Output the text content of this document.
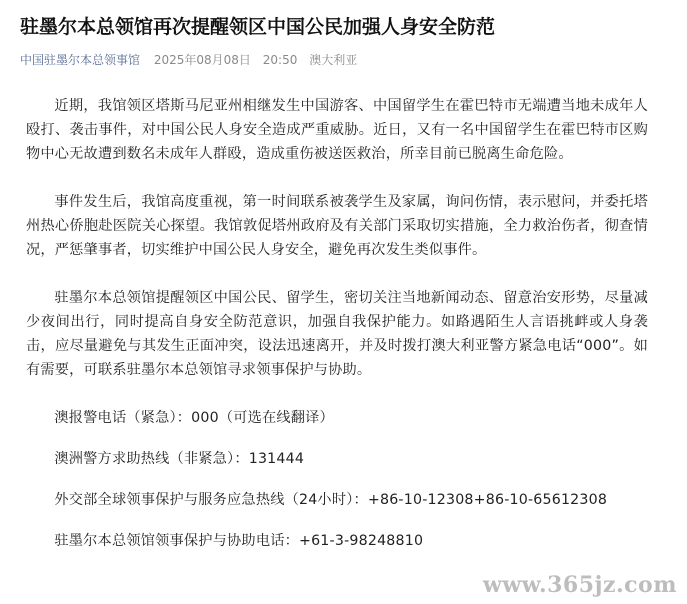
驻墨尔本总领馆再次提醒领区中国公民加强人身安全防范
中国驻墨尔本总领事馆 2025年08月08日 20:50 澳大利亚

近期，我馆领区塔斯马尼亚州相继发生中国游客、中国留学生在霍巴特市无端遭当地未成年人殴打、袭击事件，对中国公民人身安全造成严重威胁。近日，又有一名中国留学生在霍巴特市区购物中心无故遭到数名未成年人群殴，造成重伤被送医救治，所幸目前已脱离生命危险。

事件发生后，我馆高度重视，第一时间联系被袭学生及家属，询问伤情，表示慰问，并委托塔州热心侨胞赴医院关心探望。我馆敦促塔州政府及有关部门采取切实措施，全力救治伤者，彻查情况，严惩肇事者，切实维护中国公民人身安全，避免再次发生类似事件。

驻墨尔本总领馆提醒领区中国公民、留学生，密切关注当地新闻动态、留意治安形势，尽量减少夜间出行，同时提高自身安全防范意识，加强自我保护能力。如路遇陌生人言语挑衅或人身袭击，应尽量避免与其发生正面冲突，设法迅速离开，并及时拨打澳大利亚警方紧急电话“000”。如有需要，可联系驻墨尔本总领馆寻求领事保护与协助。

澳报警电话（紧急）：000（可选在线翻译）

澳洲警方求助热线（非紧急）：131444

外交部全球领事保护与服务应急热线（24小时）：+86-10-12308+86-10-65612308

驻墨尔本总领馆领事保护与协助电话：+61-3-98248810

www.365jz.com
